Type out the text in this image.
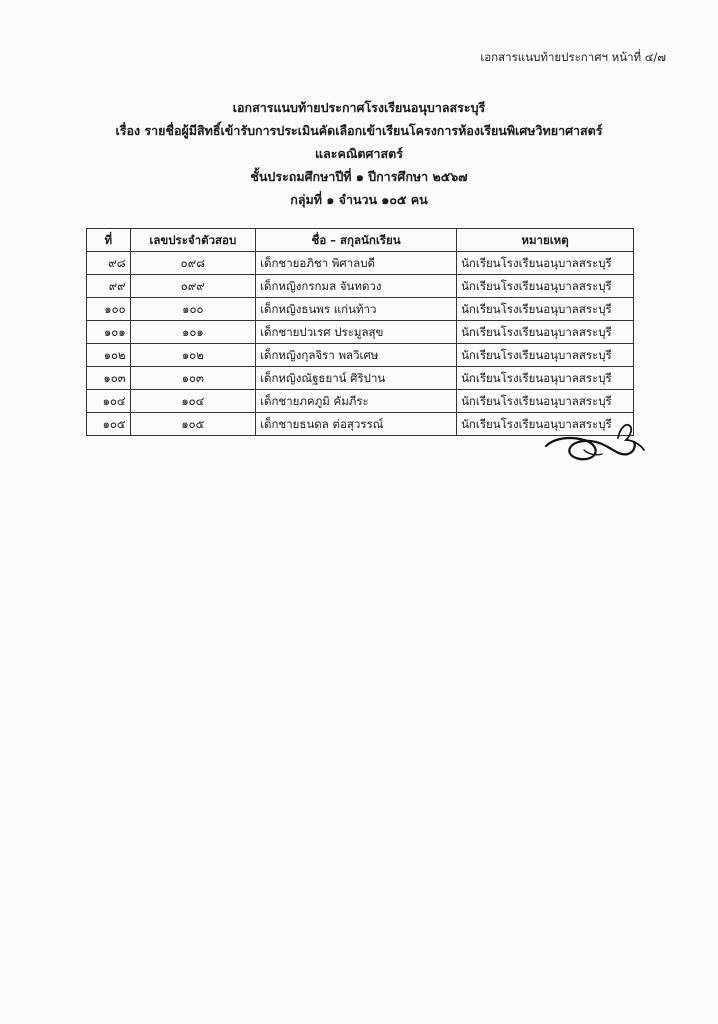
เอกสารแนบท้ายประกาศฯ หน้าที่ ๔/๗
เอกสารแนบท้ายประกาศโรงเรียนอนุบาลสระบุรี
เรื่อง รายชื่อผู้มีสิทธิ์เข้ารับการประเมินคัดเลือกเข้าเรียนโครงการห้องเรียนพิเศษวิทยาศาสตร์
และคณิตศาสตร์
ชั้นประถมศึกษาปีที่ ๑ ปีการศึกษา ๒๕๖๗
กลุ่มที่ ๑ จำนวน ๑๐๕ คน
ที่	เลขประจำตัวสอบ	ชื่อ – สกุลนักเรียน	หมายเหตุ
๙๘	๐๙๘	เด็กชายอภิชา พิศาลบดี	นักเรียนโรงเรียนอนุบาลสระบุรี
๙๙	๐๙๙	เด็กหญิงกรกมล จันทดวง	นักเรียนโรงเรียนอนุบาลสระบุรี
๑๐๐	๑๐๐	เด็กหญิงธนพร แก่นท้าว	นักเรียนโรงเรียนอนุบาลสระบุรี
๑๐๑	๑๐๑	เด็กชายปวเรศ ประมูลสุข	นักเรียนโรงเรียนอนุบาลสระบุรี
๑๐๒	๑๐๒	เด็กหญิงกุลจิรา พลวิเศษ	นักเรียนโรงเรียนอนุบาลสระบุรี
๑๐๓	๑๐๓	เด็กหญิงณัฐธยาน์ ศิริปาน	นักเรียนโรงเรียนอนุบาลสระบุรี
๑๐๔	๑๐๔	เด็กชายภคภูมิ คัมภีระ	นักเรียนโรงเรียนอนุบาลสระบุรี
๑๐๕	๑๐๕	เด็กชายธนดล ต่อสุวรรณ์	นักเรียนโรงเรียนอนุบาลสระบุรี
